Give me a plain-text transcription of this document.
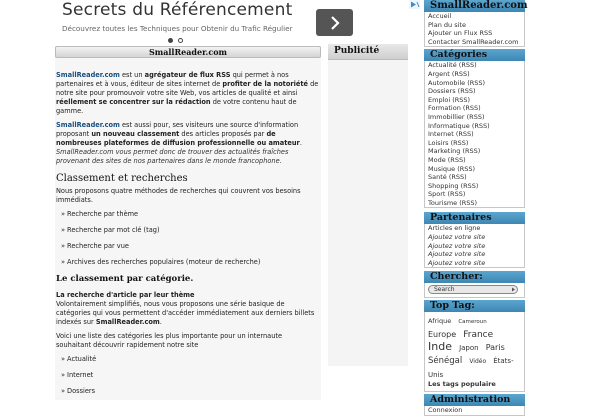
Secrets du Référencement
Découvrez toutes les Techniques pour Obtenir du Trafic Régulier
SmallReader.com

SmallReader.com est un agrégateur de flux RSS qui permet à nos partenaires et à vous, éditeur de sites internet de profiter de la notoriété de notre site pour promouvoir votre site Web, vos articles de qualité et ainsi réellement se concentrer sur la rédaction de votre contenu haut de gamme.

SmallReader.com est aussi pour, ses visiteurs une source d'information proposant un nouveau classement des articles proposés par de nombreuses plateformes de diffusion professionnelle ou amateur.
SmallReader.com vous permet donc de trouver des actualités fraîches provenant des sites de nos partenaires dans le monde francophone.

Classement et recherches

Nous proposons quatre méthodes de recherches qui couvrent vos besoins immédiats.

» Recherche par thème
» Recherche par mot clé (tag)
» Recherche par vue
» Archives des recherches populaires (moteur de recherche)
Le classement par catégorie.

La recherche d'article par leur thème

Volontairement simplifiés, nous vous proposons une série basique de catégories qui vous permettent d'accéder immédiatement aux derniers billets indexés sur SmallReader.com.

Voici une liste des catégories les plus importante pour un internaute souhaitant découvrir rapidement notre site

» Actualité
» Internet
» Dossiers
Publicité
SmallReader.com
Accueil
Plan du site
Ajouter un Flux RSS
Contacter SmallReader.com
Catégories
Actualité (RSS)
Argent (RSS)
Automobile (RSS)
Dossiers (RSS)
Emploi (RSS)
Formation (RSS)
Immobillier (RSS)
Informatique (RSS)
Internet (RSS)
Loisirs (RSS)
Marketing (RSS)
Mode (RSS)
Musique (RSS)
Santé (RSS)
Shopping (RSS)
Sport (RSS)
Tourisme (RSS)
Partenaires
Articles en ligne
Ajoutez votre site
Ajoutez votre site
Ajoutez votre site
Ajoutez votre site
Chercher:
Search
Top Tag:
Afrique Cameroun Europe France Inde Japon Paris Sénégal Vidéo États-Unis
Les tags populaire
Administration
Connexion
